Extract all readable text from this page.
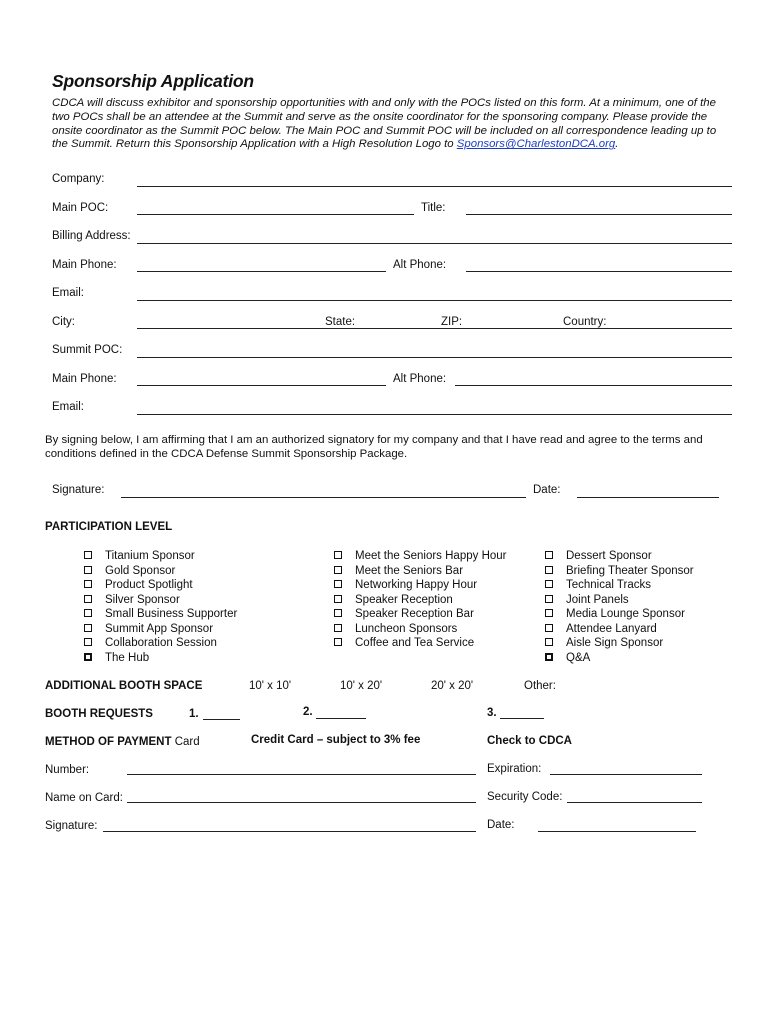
Sponsorship Application
CDCA will discuss exhibitor and sponsorship opportunities with and only with the POCs listed on this form. At a minimum, one of the two POCs shall be an attendee at the Summit and serve as the onsite coordinator for the sponsoring company. Please provide the onsite coordinator as the Summit POC below. The Main POC and Summit POC will be included on all correspondence leading up to the Summit. Return this Sponsorship Application with a High Resolution Logo to Sponsors@CharlestonDCA.org.
Company:
Main POC:	Title:
Billing Address:
Main Phone:	Alt Phone:
Email:
City:	State:	ZIP:	Country:
Summit POC:
Main Phone:	Alt Phone:
Email:
By signing below, I am affirming that I am an authorized signatory for my company and that I have read and agree to the terms and conditions defined in the CDCA Defense Summit Sponsorship Package.
Signature:	Date:
PARTICIPATION LEVEL
Titanium Sponsor
Gold Sponsor
Product Spotlight
Silver Sponsor
Small Business Supporter
Summit App Sponsor
Collaboration Session
The Hub
Meet the Seniors Happy Hour
Meet the Seniors Bar
Networking Happy Hour
Speaker Reception
Speaker Reception Bar
Luncheon Sponsors
Coffee and Tea Service
Dessert Sponsor
Briefing Theater Sponsor
Technical Tracks
Joint Panels
Media Lounge Sponsor
Attendee Lanyard
Aisle Sign Sponsor
Q&A
ADDITIONAL BOOTH SPACE	10' x 10'	10' x 20'	20' x 20'	Other:
BOOTH REQUESTS	1.	2.	3.
METHOD OF PAYMENT Card	Credit Card – subject to 3% fee	Check to CDCA
Number:	Expiration:
Name on Card:	Security Code:
Signature:	Date:
